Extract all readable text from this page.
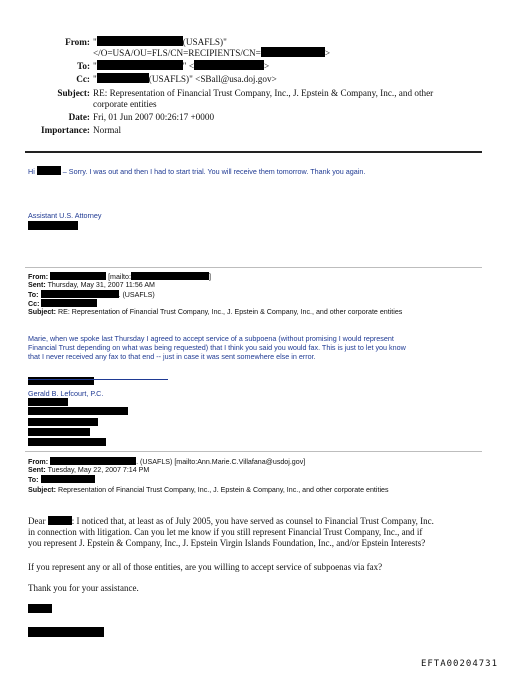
From: "	(USAFLS)"
</O=USA/OU=FLS/CN=RECIPIENTS/CN=	>
To: "	" <	>
Cc: "	(USAFLS)" <SBall@usa.doj.gov>
Subject: RE: Representation of Financial Trust Company, Inc., J. Epstein & Company, Inc., and other
corporate entities
Date: Fri, 01 Jun 2007 00:26:17 +0000
Importance: Normal
Hi	– Sorry. I was out and then I had to start trial. You will receive them tomorrow. Thank you again.
Assistant U.S. Attorney
From:	[mailto:	]
Sent: Thursday, May 31, 2007 11:56 AM
To:	. (USAFLS)
Cc:
Subject: RE: Representation of Financial Trust Company, Inc., J. Epstein & Company, Inc., and other corporate entities
Marie, when we spoke last Thursday I agreed to accept service of a subpoena (without promising I would represent
Financial Trust depending on what was being requested) that I think you said you would fax. This is just to let you know
that I never received any fax to that end -- just in case it was sent somewhere else in error.
Gerald B. Lefcourt, P.C.
From:	. (USAFLS) [mailto:Ann.Marie.C.Villafana@usdoj.gov]
Sent: Tuesday, May 22, 2007 7:14 PM
To:
Subject: Representation of Financial Trust Company, Inc., J. Epstein & Company, Inc., and other corporate entities
Dear	: I noticed that, at least as of July 2005, you have served as counsel to Financial Trust Company, Inc.
in connection with litigation. Can you let me know if you still represent Financial Trust Company, Inc., and if
you represent J. Epstein & Company, Inc., J. Epstein Virgin Islands Foundation, Inc., and/or Epstein Interests?
If you represent any or all of those entities, are you willing to accept service of subpoenas via fax?
Thank you for your assistance.
EFTA00204731
